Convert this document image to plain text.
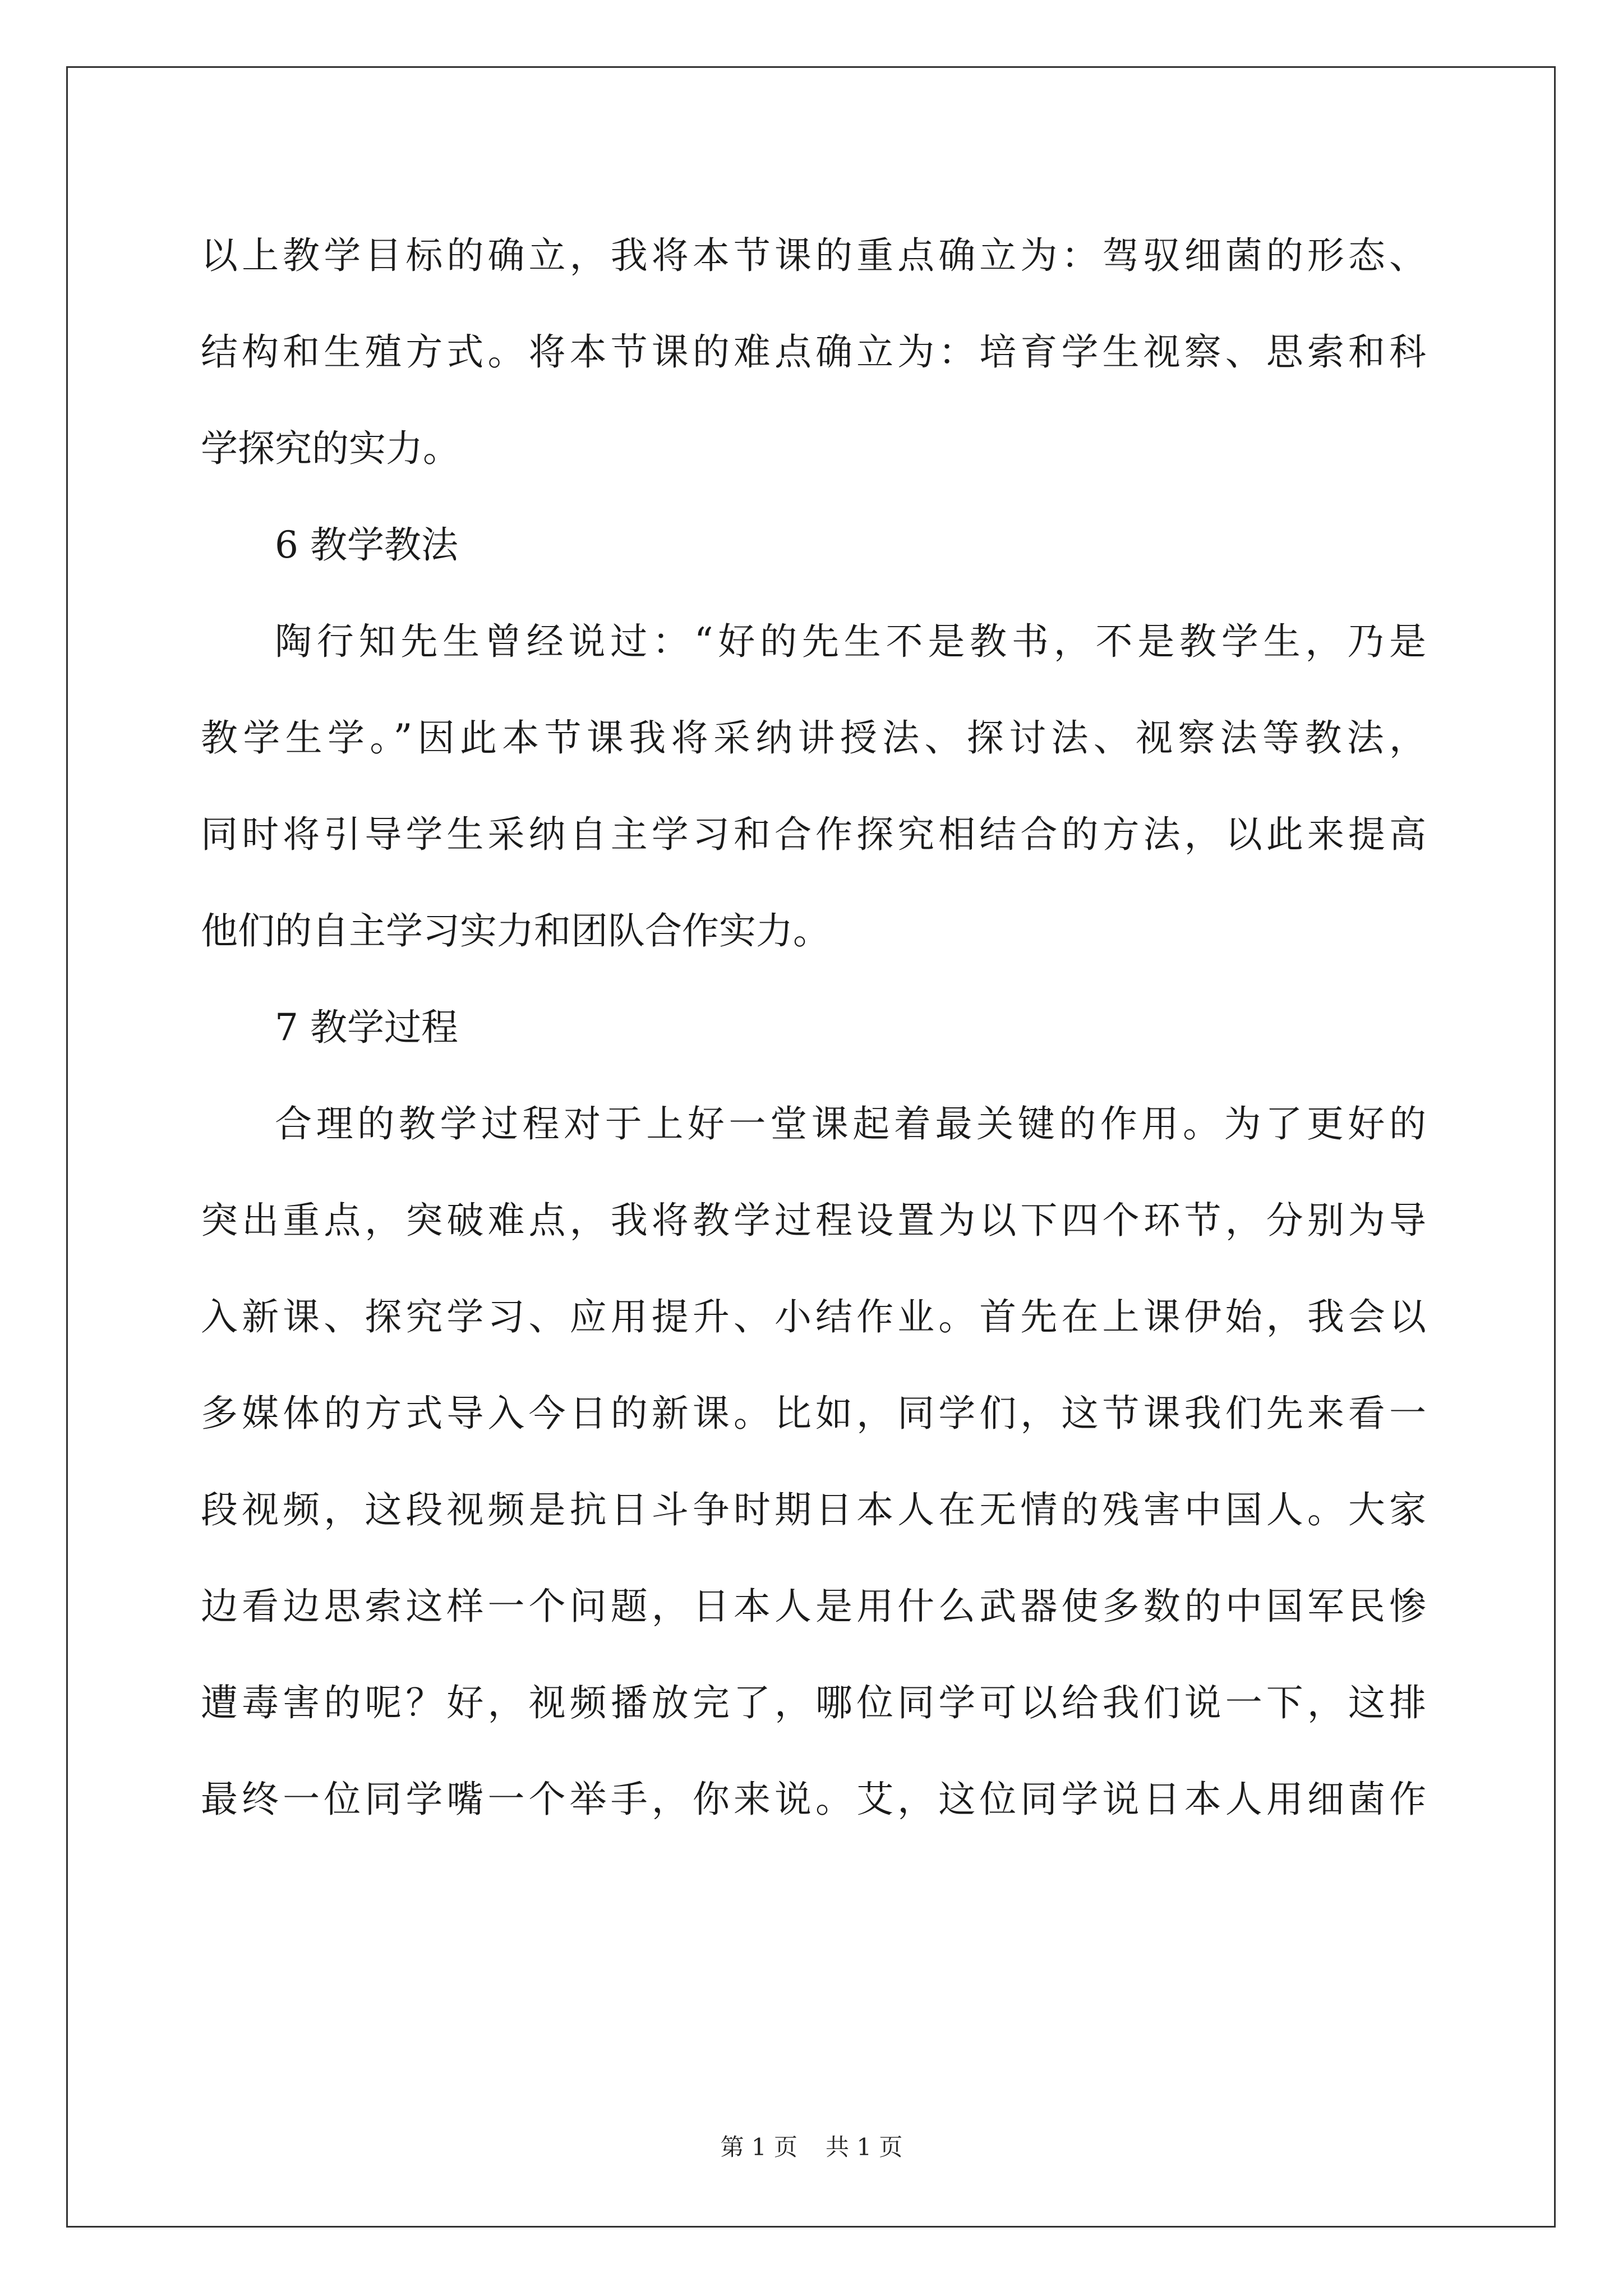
以上教学目标的确立，我将本节课的重点确立为：驾驭细菌的形态、
结构和生殖方式。将本节课的难点确立为：培育学生视察、思索和科
学探究的实力。
6 教学教法
陶行知先生曾经说过：“好的先生不是教书，不是教学生，乃是
教学生学。”因此本节课我将采纳讲授法、探讨法、视察法等教法，
同时将引导学生采纳自主学习和合作探究相结合的方法，以此来提高
他们的自主学习实力和团队合作实力。
7 教学过程
合理的教学过程对于上好一堂课起着最关键的作用。为了更好的
突出重点，突破难点，我将教学过程设置为以下四个环节，分别为导
入新课、探究学习、应用提升、小结作业。首先在上课伊始，我会以
多媒体的方式导入今日的新课。比如，同学们，这节课我们先来看一
段视频，这段视频是抗日斗争时期日本人在无情的残害中国人。大家
边看边思索这样一个问题，日本人是用什么武器使多数的中国军民惨
遭毒害的呢？好，视频播放完了，哪位同学可以给我们说一下，这排
最终一位同学嘴一个举手，你来说。艾，这位同学说日本人用细菌作
第 1 页 共 1 页
